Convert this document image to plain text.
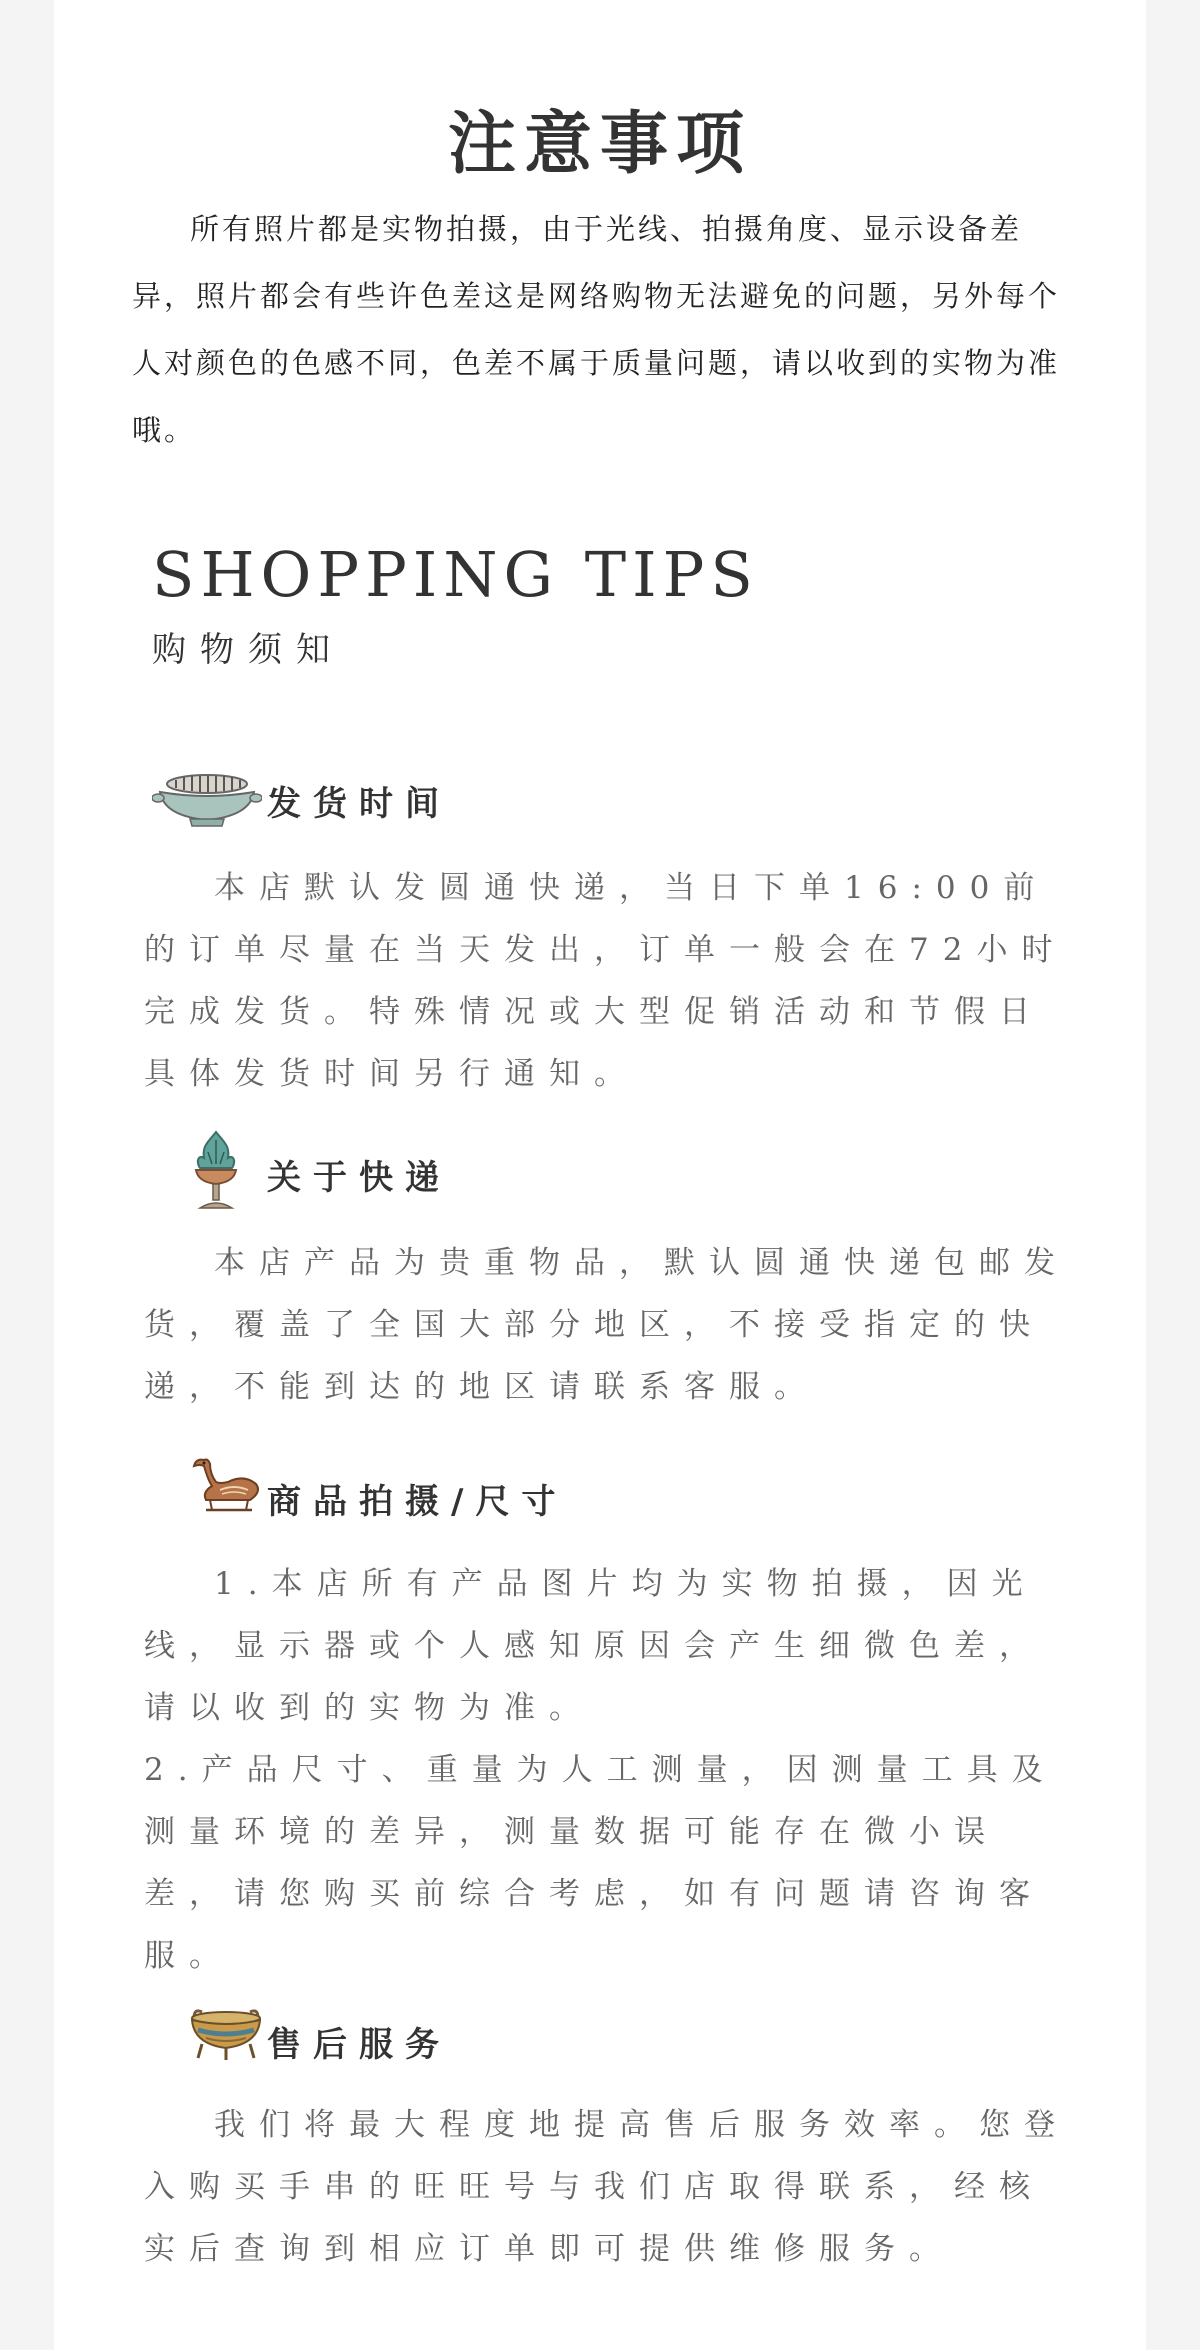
注意事项

所有照片都是实物拍摄，由于光线、拍摄角度、显示设备差异，照片都会有些许色差这是网络购物无法避免的问题，另外每个人对颜色的色感不同，色差不属于质量问题，请以收到的实物为准哦。

SHOPPING TIPS
购物须知
发货时间

本店默认发圆通快递，当日下单16:00前的订单尽量在当天发出，订单一般会在72小时完成发货。特殊情况或大型促销活动和节假日具体发货时间另行通知。

关于快递

本店产品为贵重物品，默认圆通快递包邮发货，覆盖了全国大部分地区，不接受指定的快递，不能到达的地区请联系客服。

商品拍摄/尺寸

1.本店所有产品图片均为实物拍摄，因光线，显示器或个人感知原因会产生细微色差，请以收到的实物为准。
2.产品尺寸、重量为人工测量，因测量工具及测量环境的差异，测量数据可能存在微小误差，请您购买前综合考虑，如有问题请咨询客服。

售后服务

我们将最大程度地提高售后服务效率。您登入购买手串的旺旺号与我们店取得联系，经核实后查询到相应订单即可提供维修服务。
